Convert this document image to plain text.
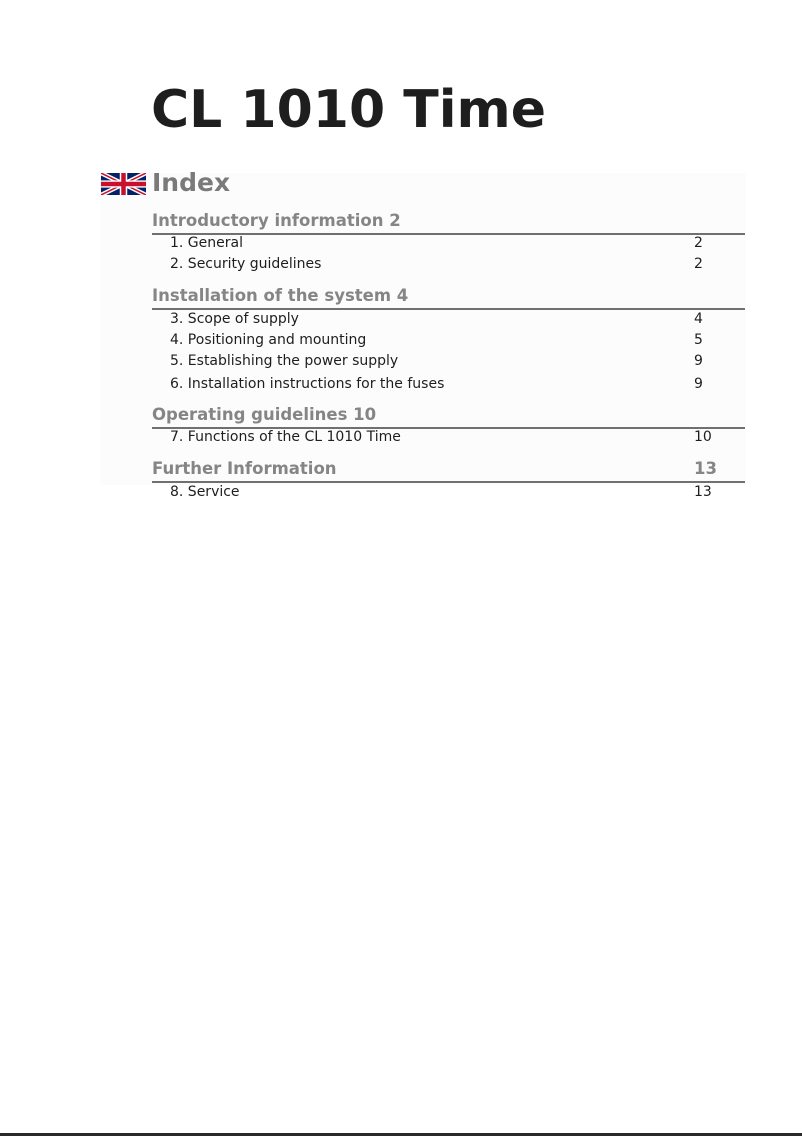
CL 1010 Time
Index
Introductory information 2
1. General	2
2. Security guidelines	2
Installation of the system 4
3. Scope of supply	4
4. Positioning and mounting	5
5. Establishing the power supply	9
6. Installation instructions for the fuses	9
Operating guidelines 10
7. Functions of the CL 1010 Time	10
Further Information	13
8. Service	13
